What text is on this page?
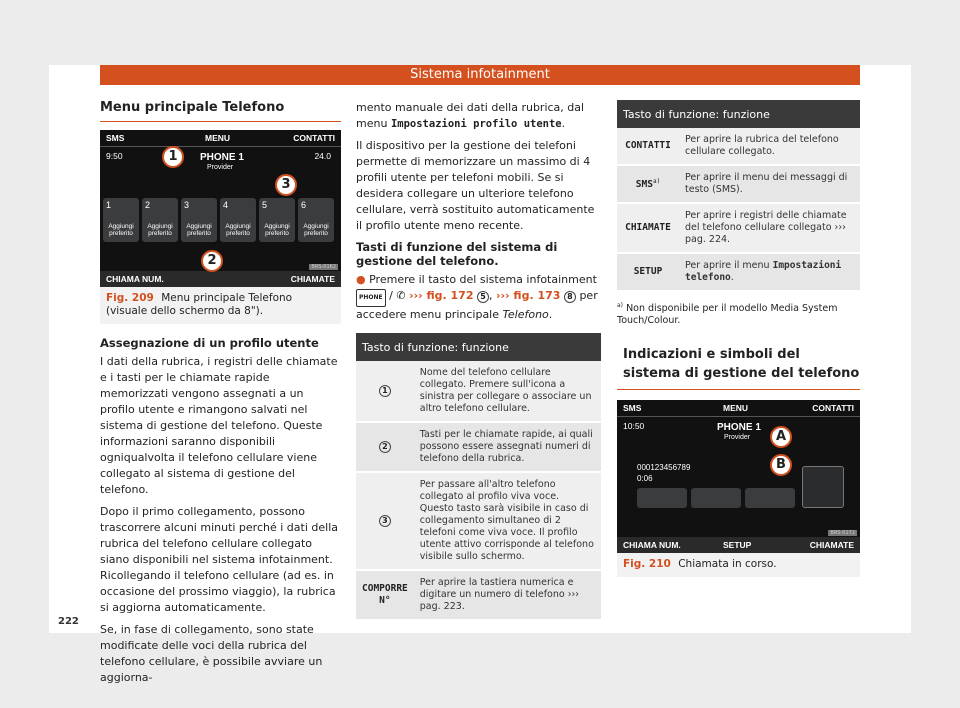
Sistema infotainment
Menu principale Telefono
SMS	MENU	CONTATTI
9:50	PHONE 1
Provider
24.0
1	2	3	4	5	6
Aggiungi preferito
Aggiungi preferito
Aggiungi preferito
Aggiungi preferito
Aggiungi preferito
Aggiungi preferito
CHIAMA NUM.	CHIAMATE
BRS-0162
1
2
3
Fig. 209 Menu principale Telefono (visuale dello schermo da 8").
Assegnazione di un profilo utente

I dati della rubrica, i registri delle chiamate e i tasti per le chiamate rapide memorizzati vengono assegnati a un profilo utente e rimangono salvati nel sistema di gestione del telefono. Queste informazioni saranno disponibili ogniqualvolta il telefono cellulare viene collegato al sistema di gestione del telefono.

Dopo il primo collegamento, possono trascorrere alcuni minuti perché i dati della rubrica del telefono cellulare collegato siano disponibili nel sistema infotainment. Ricollegando il telefono cellulare (ad es. in occasione del prossimo viaggio), la rubrica si aggiorna automaticamente.

Se, in fase di collegamento, sono state modificate delle voci della rubrica del telefono cellulare, è possibile avviare un aggiorna-

mento manuale dei dati della rubrica, dal menu Impostazioni profilo utente.

Il dispositivo per la gestione dei telefoni permette di memorizzare un massimo di 4 profili utente per telefoni mobili. Se si desidera collegare un ulteriore telefono cellulare, verrà sostituito automaticamente il profilo utente meno recente.

Tasti di funzione del sistema di gestione del telefono.

● Premere il tasto del sistema infotainment PHONE / ✆ ››› fig. 172 5 , ››› fig. 173 8 per accedere menu principale Telefono.

Tasto di funzione: funzione	
1	Nome del telefono cellulare collegato. Premere sull'icona a sinistra per collegare o associare un altro telefono cellulare.
2	Tasti per le chiamate rapide, ai quali possono essere assegnati numeri di telefono della rubrica.
3	Per passare all'altro telefono collegato al profilo viva voce. Questo tasto sarà visibile in caso di collegamento simultaneo di 2 telefoni come viva voce. Il profilo utente attivo corrisponde al telefono visibile sullo schermo.
COMPORRE N°	Per aprire la tastiera numerica e digitare un numero di telefono ››› pag. 223.
Tasto di funzione: funzione	
CONTATTI	Per aprire la rubrica del telefono cellulare collegato.
SMS$^{a)}$	Per aprire il menu dei messaggi di testo (SMS).
CHIAMATE	Per aprire i registri delle chiamate del telefono cellulare collegato ››› pag. 224.
SETUP	Per aprire il menu Impostazioni telefono.

$^{a)}$ Non disponibile per il modello Media System Touch/Colour.

Indicazioni e simboli del sistema di gestione del telefono
SMS	MENU	CONTATTI
10:50	PHONE 1
Provider
000123456789
0:06
CHIAMA NUM.	SETUP	CHIAMATE
BRS-0172
A
B
Fig. 210 Chiamata in corso.
222
